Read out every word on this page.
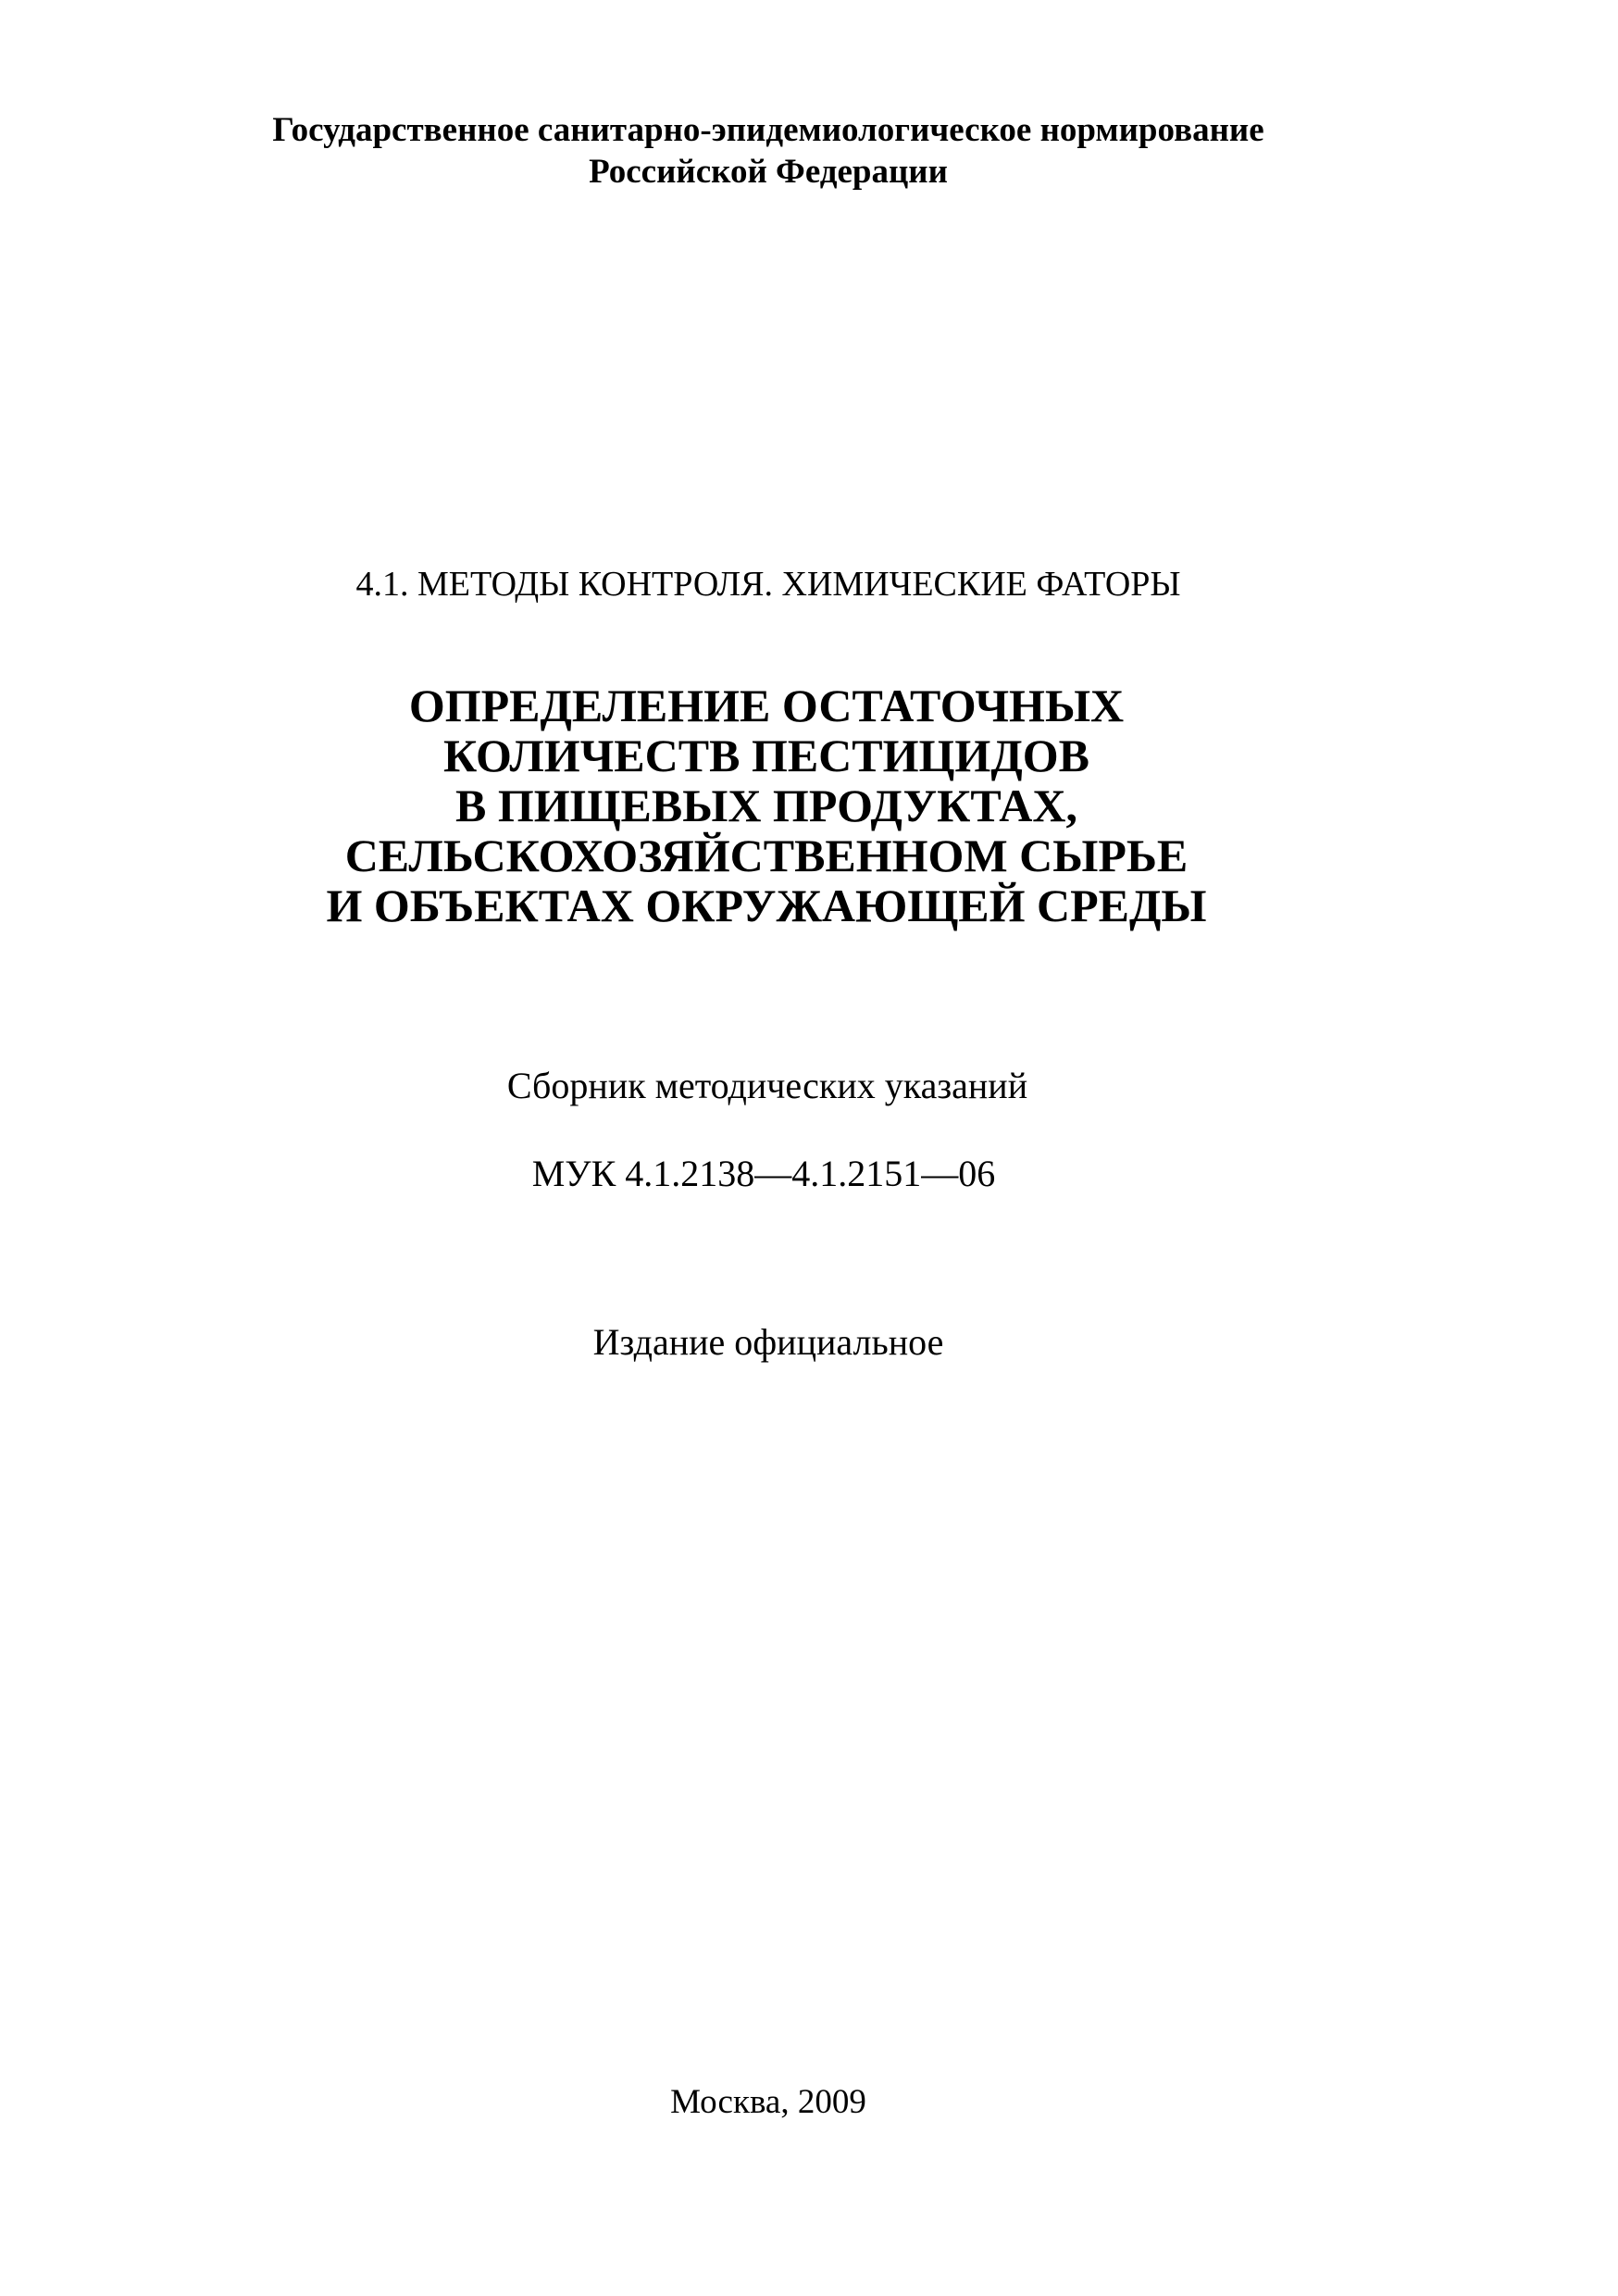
Государственное санитарно-эпидемиологическое нормирование
Российской Федерации
4.1. МЕТОДЫ КОНТРОЛЯ. ХИМИЧЕСКИЕ ФАТОРЫ
ОПРЕДЕЛЕНИЕ ОСТАТОЧНЫХ
КОЛИЧЕСТВ ПЕСТИЦИДОВ
В ПИЩЕВЫХ ПРОДУКТАХ,
СЕЛЬСКОХОЗЯЙСТВЕННОМ СЫРЬЕ
И ОБЪЕКТАХ ОКРУЖАЮЩЕЙ СРЕДЫ
Сборник методических указаний
МУК 4.1.2138—4.1.2151—06
Издание официальное
Москва, 2009
